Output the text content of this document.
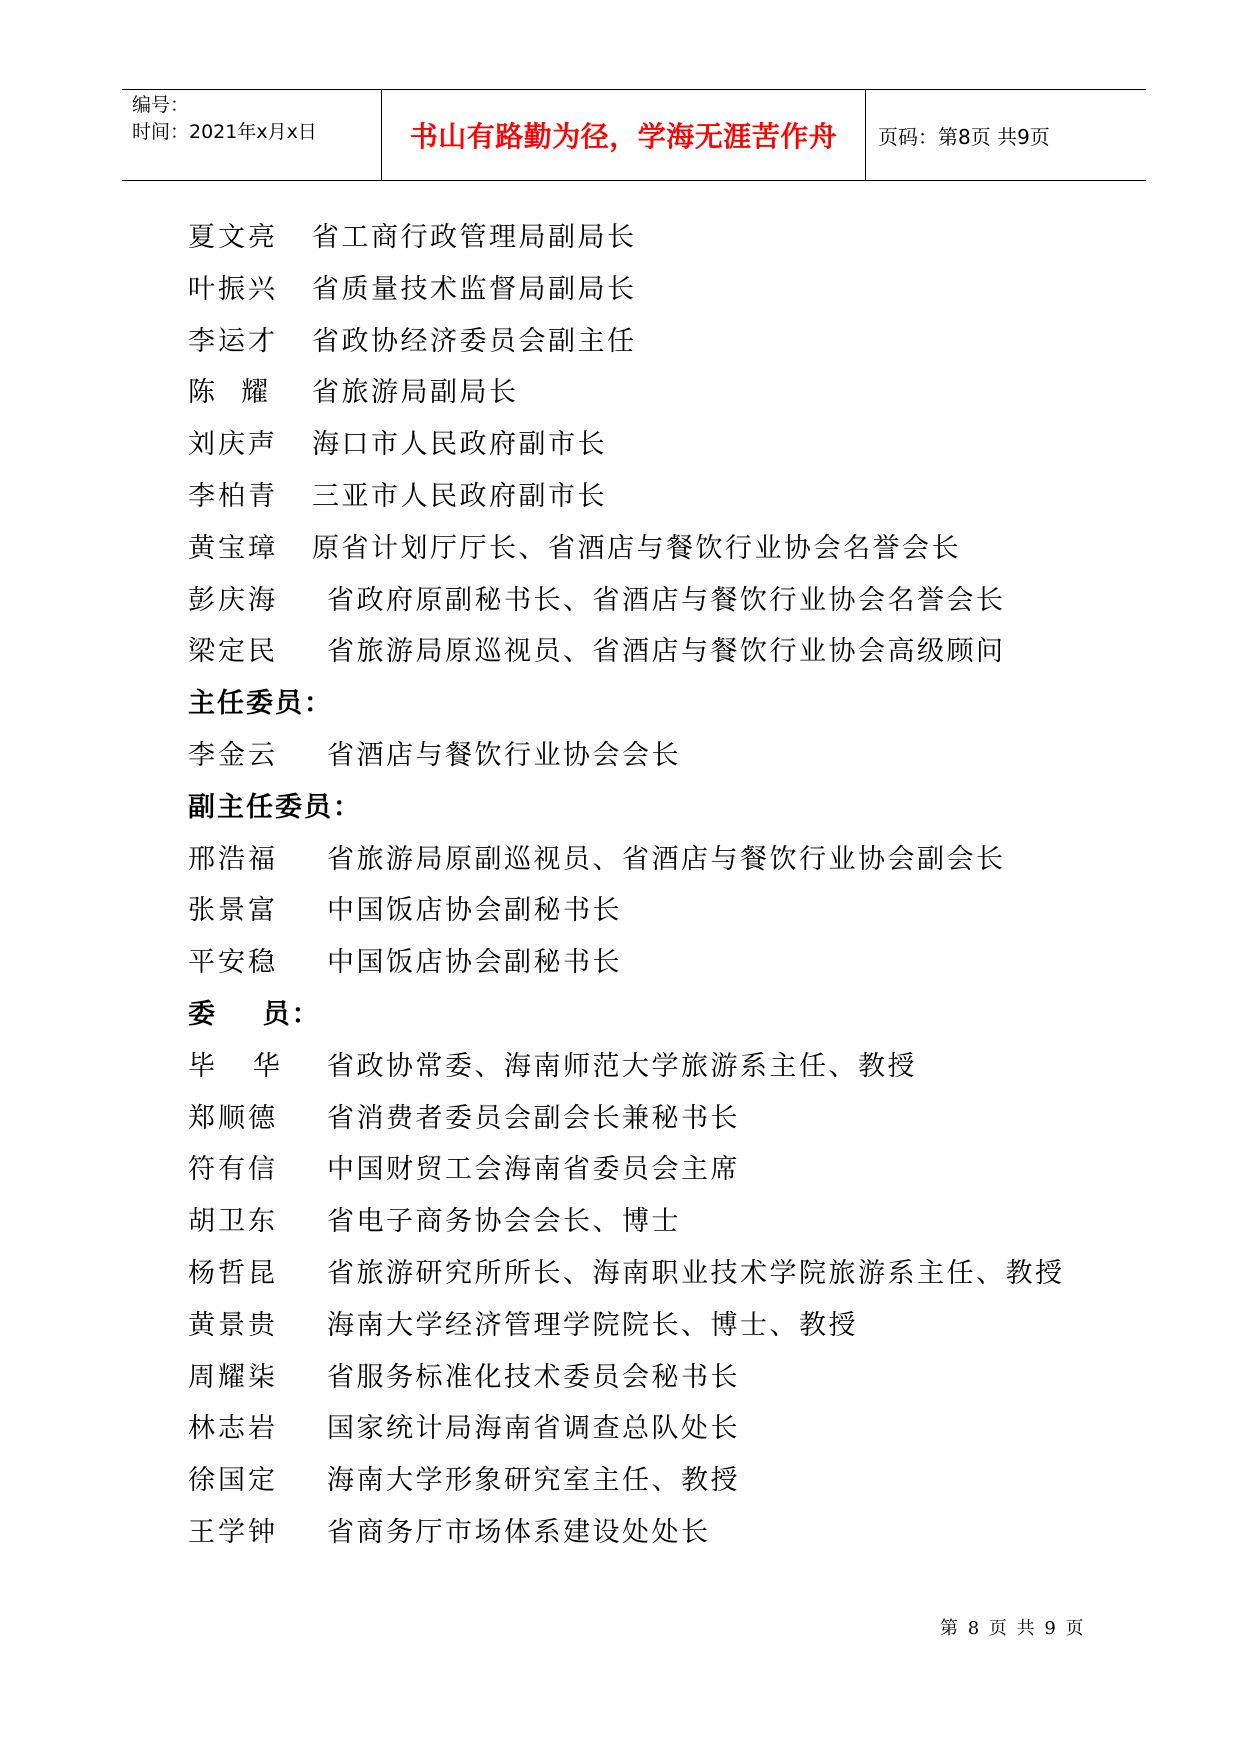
编号：
时间：2021年x月x日	书山有路勤为径，学海无涯苦作舟 页码：第8页 共9页
夏文亮 省工商行政管理局副局长
叶振兴 省质量技术监督局副局长
李运才 省政协经济委员会副主任
陈  耀 省旅游局副局长
刘庆声 海口市人民政府副市长
李柏青 三亚市人民政府副市长
黄宝璋 原省计划厅厅长、省酒店与餐饮行业协会名誉会长
彭庆海 省政府原副秘书长、省酒店与餐饮行业协会名誉会长
梁定民 省旅游局原巡视员、省酒店与餐饮行业协会高级顾问
主任委员：
李金云 省酒店与餐饮行业协会会长
副主任委员：
邢浩福 省旅游局原副巡视员、省酒店与餐饮行业协会副会长
张景富 中国饭店协会副秘书长
平安稳 中国饭店协会副秘书长
委    员：
毕   华 省政协常委、海南师范大学旅游系主任、教授
郑顺德 省消费者委员会副会长兼秘书长
符有信 中国财贸工会海南省委员会主席
胡卫东 省电子商务协会会长、博士
杨哲昆 省旅游研究所所长、海南职业技术学院旅游系主任、教授
黄景贵 海南大学经济管理学院院长、博士、教授
周耀柒 省服务标准化技术委员会秘书长
林志岩 国家统计局海南省调查总队处长
徐国定 海南大学形象研究室主任、教授
王学钟 省商务厅市场体系建设处处长
第 8 页 共 9 页
